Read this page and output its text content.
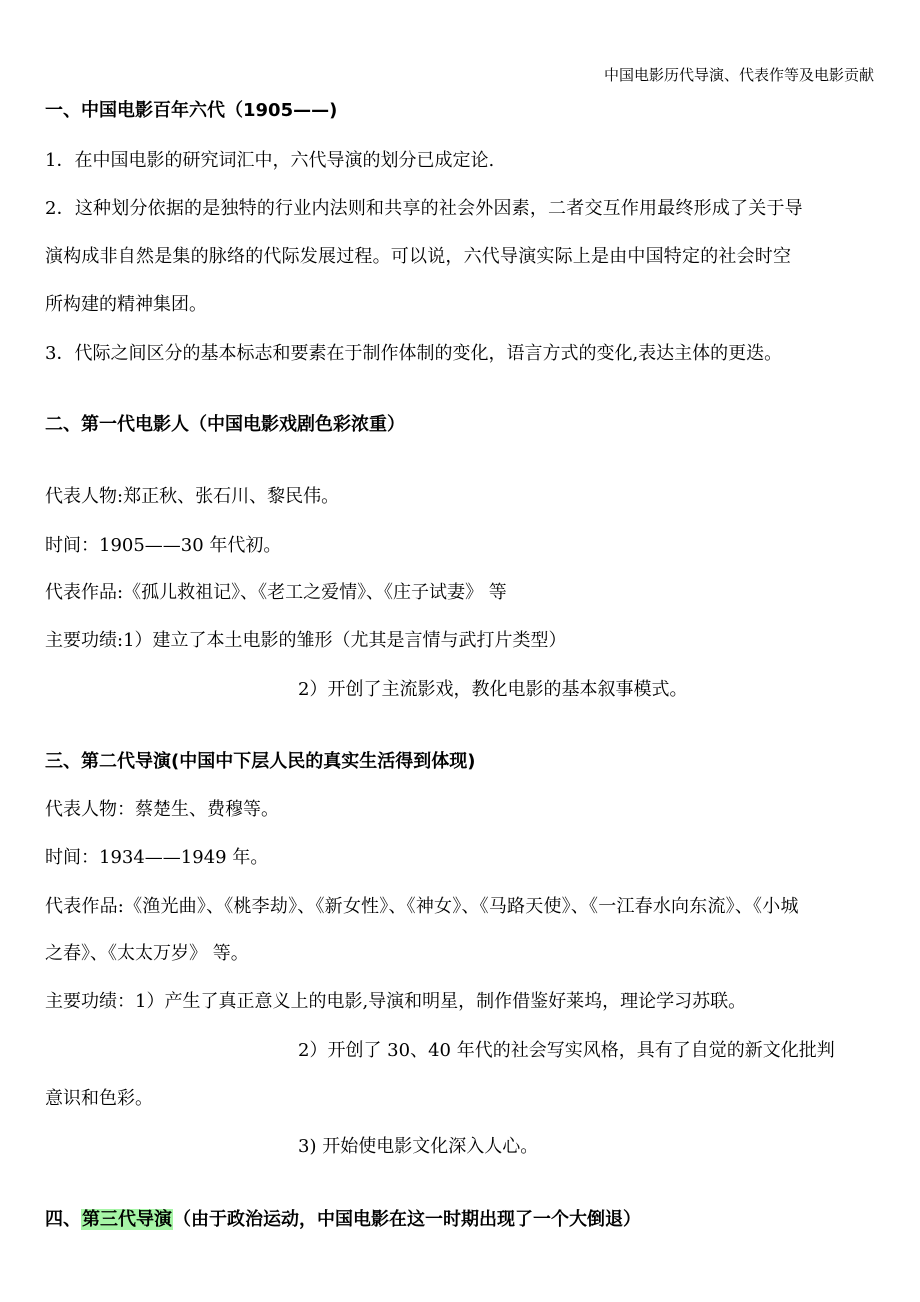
中国电影历代导演、代表作等及电影贡献
一、中国电影百年六代（1905——)
1．在中国电影的研究词汇中，六代导演的划分已成定论.
2．这种划分依据的是独特的行业内法则和共享的社会外因素，二者交互作用最终形成了关于导
演构成非自然是集的脉络的代际发展过程。可以说，六代导演实际上是由中国特定的社会时空
所构建的精神集团。
3．代际之间区分的基本标志和要素在于制作体制的变化，语言方式的变化,表达主体的更迭。
二、第一代电影人（中国电影戏剧色彩浓重）
代表人物:郑正秋、张石川、黎民伟。
时间：1905——30 年代初。
代表作品:《孤儿救祖记》、《老工之爱情》、《庄子试妻》 等
主要功绩:1）建立了本土电影的雏形（尤其是言情与武打片类型）
2）开创了主流影戏，教化电影的基本叙事模式。
三、第二代导演(中国中下层人民的真实生活得到体现)
代表人物：蔡楚生、费穆等。
时间：1934——1949 年。
代表作品:《渔光曲》、《桃李劫》、《新女性》、《神女》、《马路天使》、《一江春水向东流》、《小城
之春》、《太太万岁》 等。
主要功绩：1）产生了真正意义上的电影,导演和明星，制作借鉴好莱坞，理论学习苏联。
2）开创了 30、40 年代的社会写实风格，具有了自觉的新文化批判
意识和色彩。
3) 开始使电影文化深入人心。
四、第三代导演（由于政治运动，中国电影在这一时期出现了一个大倒退）
